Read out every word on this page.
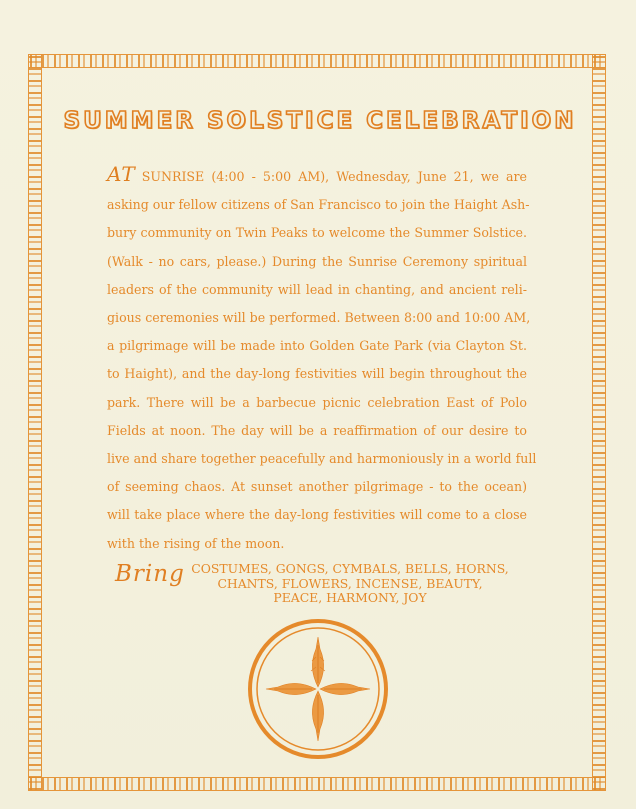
SUMMER SOLSTICE CELEBRATION
AT SUNRISE (4:00 - 5:00 AM), Wednesday, June 21, we are
asking our fellow citizens of San Francisco to join the Haight Ash-
bury community on Twin Peaks to welcome the Summer Solstice.
(Walk - no cars, please.) During the Sunrise Ceremony spiritual
leaders of the community will lead in chanting, and ancient reli-
gious ceremonies will be performed. Between 8:00 and 10:00 AM,
a pilgrimage will be made into Golden Gate Park (via Clayton St.
to Haight), and the day-long festivities will begin throughout the
park. There will be a barbecue picnic celebration East of Polo
Fields at noon. The day will be a reaffirmation of our desire to
live and share together peacefully and harmoniously in a world full
of seeming chaos. At sunset another pilgrimage - to the ocean)
will take place where the day-long festivities will come to a close
with the rising of the moon.
Bring COSTUMES, GONGS, CYMBALS, BELLS, HORNS,
CHANTS, FLOWERS, INCENSE, BEAUTY,
PEACE, HARMONY, JOY
